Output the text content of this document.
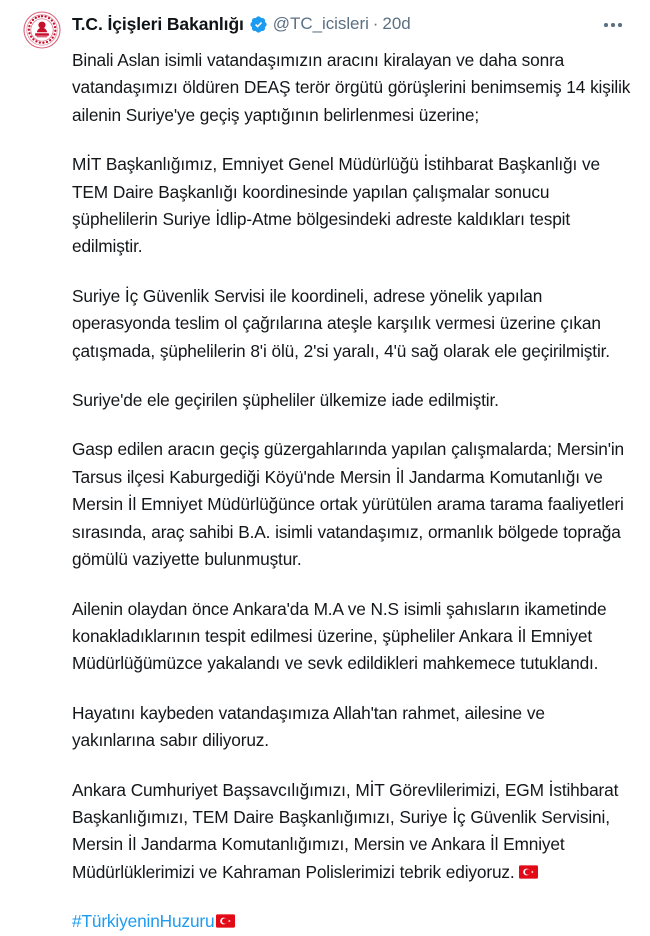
T.C. İçişleri Bakanlığı @TC_icisleri · 20d

Binali Aslan isimli vatandaşımızın aracını kiralayan ve daha sonra vatandaşımızı öldüren DEAŞ terör örgütü görüşlerini benimsemiş 14 kişilik ailenin Suriye'ye geçiş yaptığının belirlenmesi üzerine;

MİT Başkanlığımız, Emniyet Genel Müdürlüğü İstihbarat Başkanlığı ve TEM Daire Başkanlığı koordinesinde yapılan çalışmalar sonucu şüphelilerin Suriye İdlip-Atme bölgesindeki adreste kaldıkları tespit edilmiştir.

Suriye İç Güvenlik Servisi ile koordineli, adrese yönelik yapılan operasyonda teslim ol çağrılarına ateşle karşılık vermesi üzerine çıkan çatışmada, şüphelilerin 8'i ölü, 2'si yaralı, 4'ü sağ olarak ele geçirilmiştir.

Suriye'de ele geçirilen şüpheliler ülkemize iade edilmiştir.

Gasp edilen aracın geçiş güzergahlarında yapılan çalışmalarda; Mersin'in Tarsus ilçesi Kaburgediği Köyü'nde Mersin İl Jandarma Komutanlığı ve Mersin İl Emniyet Müdürlüğünce ortak yürütülen arama tarama faaliyetleri sırasında, araç sahibi B.A. isimli vatandaşımız, ormanlık bölgede toprağa gömülü vaziyette bulunmuştur.

Ailenin olaydan önce Ankara'da M.A ve N.S isimli şahısların ikametinde konakladıklarının tespit edilmesi üzerine, şüpheliler Ankara İl Emniyet Müdürlüğümüzce yakalandı ve sevk edildikleri mahkemece tutuklandı.

Hayatını kaybeden vatandaşımıza Allah'tan rahmet, ailesine ve yakınlarına sabır diliyoruz.

Ankara Cumhuriyet Başsavcılığımızı, MİT Görevlilerimizi, EGM İstihbarat Başkanlığımızı, TEM Daire Başkanlığımızı, Suriye İç Güvenlik Servisini, Mersin İl Jandarma Komutanlığımızı, Mersin ve Ankara İl Emniyet Müdürlüklerimizi ve Kahraman Polislerimizi tebrik ediyoruz.

#TürkiyeninHuzuru
